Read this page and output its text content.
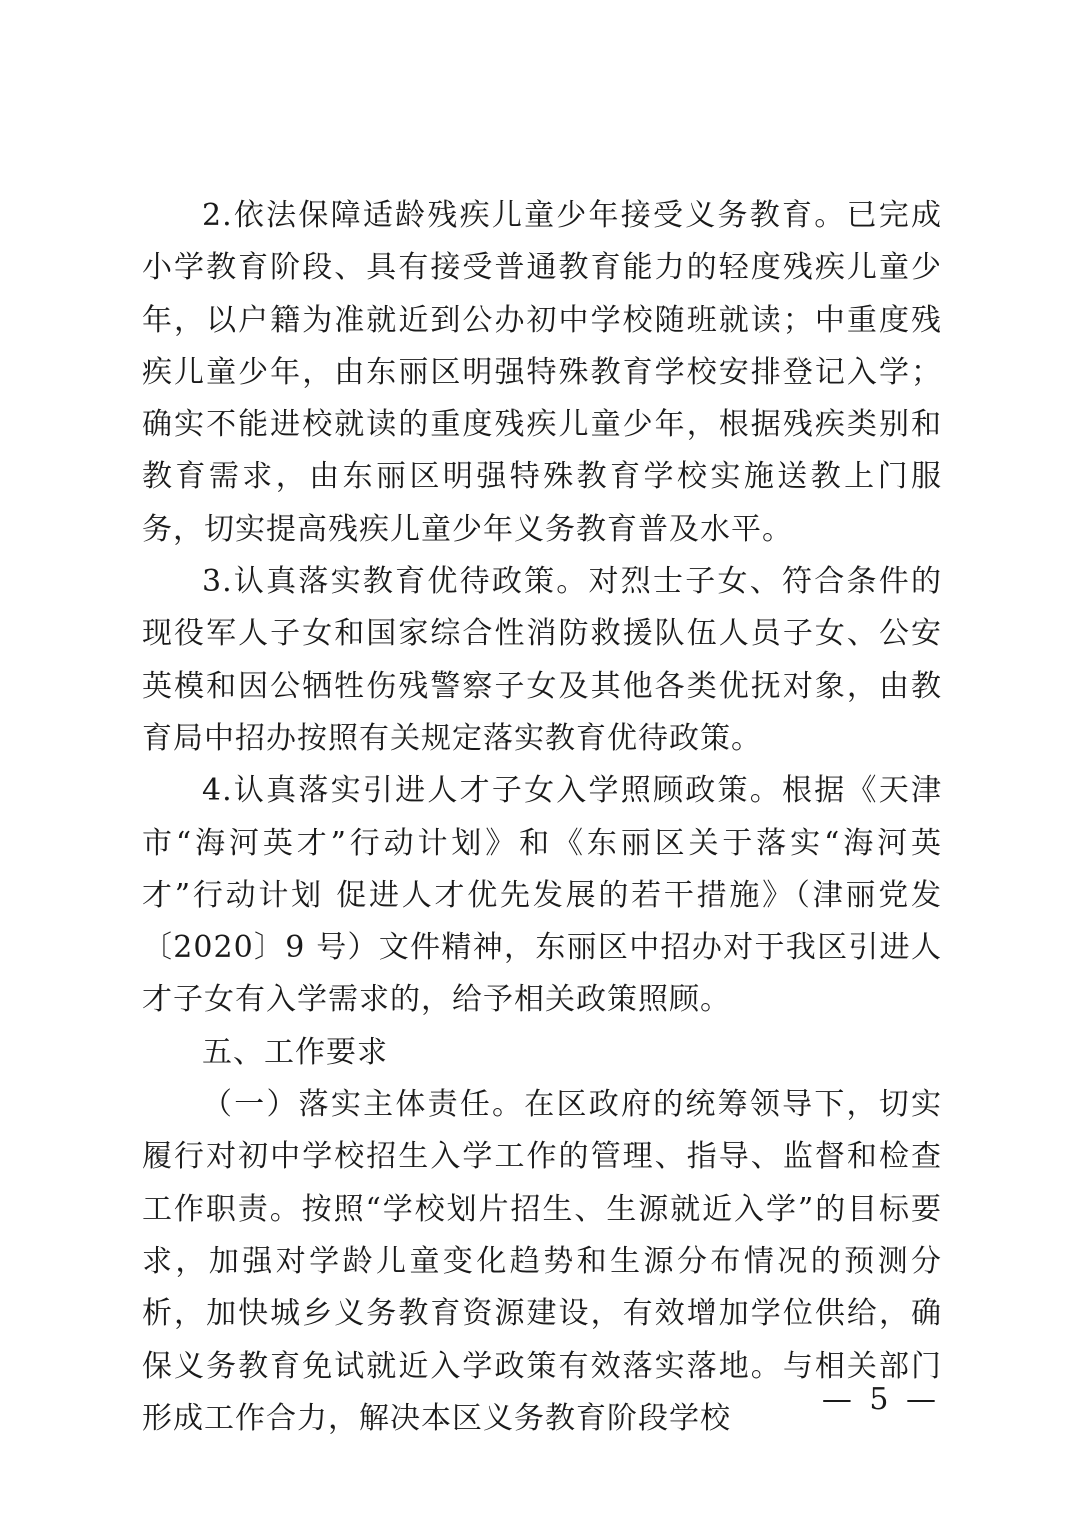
2.依法保障适龄残疾儿童少年接受义务教育。已完成小学教育阶段、具有接受普通教育能力的轻度残疾儿童少年，以户籍为准就近到公办初中学校随班就读；中重度残疾儿童少年，由东丽区明强特殊教育学校安排登记入学；确实不能进校就读的重度残疾儿童少年，根据残疾类别和教育需求，由东丽区明强特殊教育学校实施送教上门服务，切实提高残疾儿童少年义务教育普及水平。

3.认真落实教育优待政策。对烈士子女、符合条件的现役军人子女和国家综合性消防救援队伍人员子女、公安英模和因公牺牲伤残警察子女及其他各类优抚对象，由教育局中招办按照有关规定落实教育优待政策。

4.认真落实引进人才子女入学照顾政策。根据《天津市“海河英才”行动计划》和《东丽区关于落实“海河英才”行动计划 促进人才优先发展的若干措施》（津丽党发〔2020〕9 号）文件精神，东丽区中招办对于我区引进人才子女有入学需求的，给予相关政策照顾。

五、工作要求

（一）落实主体责任。在区政府的统筹领导下，切实履行对初中学校招生入学工作的管理、指导、监督和检查工作职责。按照“学校划片招生、生源就近入学”的目标要求，加强对学龄儿童变化趋势和生源分布情况的预测分析，加快城乡义务教育资源建设，有效增加学位供给，确保义务教育免试就近入学政策有效落实落地。与相关部门形成工作合力，解决本区义务教育阶段学校

— 5 —
